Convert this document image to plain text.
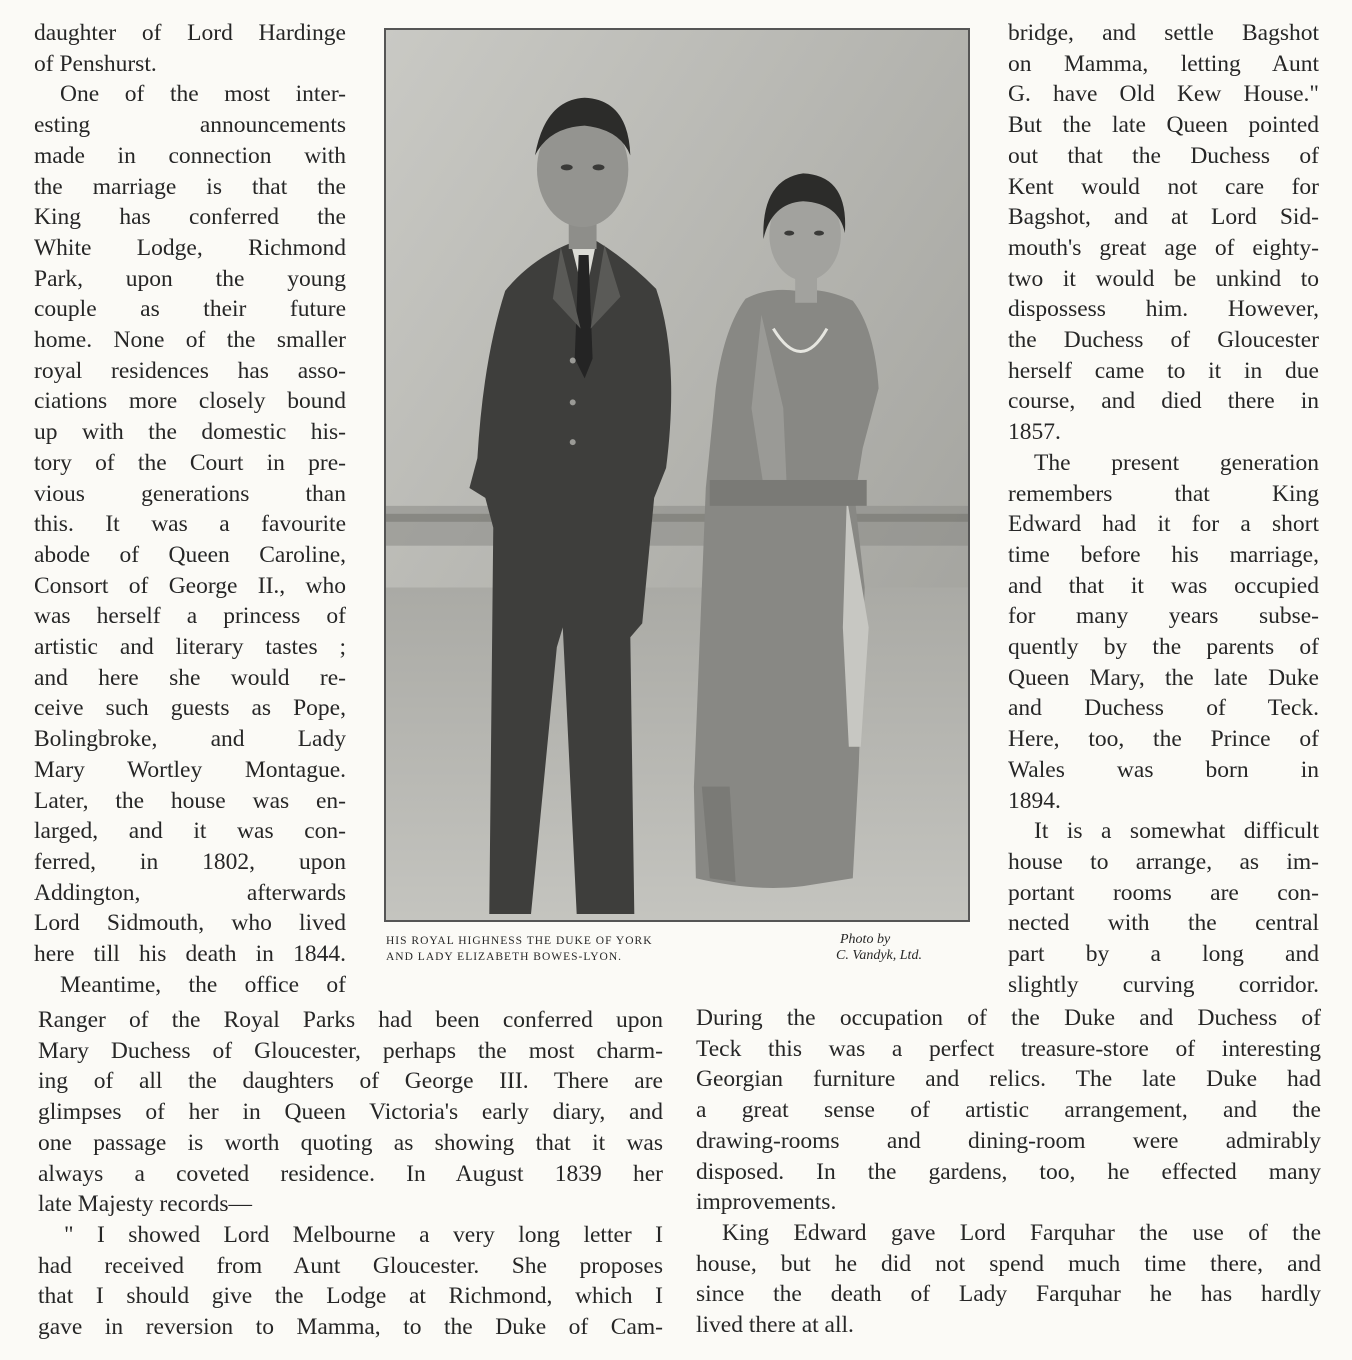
daughter of Lord Hardinge
of Penshurst.
One of the most inter-
esting announcements
made in connection with
the marriage is that the
King has conferred the
White Lodge, Richmond
Park, upon the young
couple as their future
home. None of the smaller
royal residences has asso-
ciations more closely bound
up with the domestic his-
tory of the Court in pre-
vious generations than
this. It was a favourite
abode of Queen Caroline,
Consort of George II., who
was herself a princess of
artistic and literary tastes ;
and here she would re-
ceive such guests as Pope,
Bolingbroke, and Lady
Mary Wortley Montague.
Later, the house was en-
larged, and it was con-
ferred, in 1802, upon
Addington, afterwards
Lord Sidmouth, who lived
here till his death in 1844.
Meantime, the office of
HIS ROYAL HIGHNESS THE DUKE OF YORK
AND LADY ELIZABETH BOWES-LYON.
Photo by
C. Vandyk, Ltd.
bridge, and settle Bagshot
on Mamma, letting Aunt
G. have Old Kew House."
But the late Queen pointed
out that the Duchess of
Kent would not care for
Bagshot, and at Lord Sid-
mouth's great age of eighty-
two it would be unkind to
dispossess him. However,
the Duchess of Gloucester
herself came to it in due
course, and died there in
1857.
The present generation
remembers that King
Edward had it for a short
time before his marriage,
and that it was occupied
for many years subse-
quently by the parents of
Queen Mary, the late Duke
and Duchess of Teck.
Here, too, the Prince of
Wales was born in
1894.
It is a somewhat difficult
house to arrange, as im-
portant rooms are con-
nected with the central
part by a long and
slightly curving corridor.
Ranger of the Royal Parks had been conferred upon
Mary Duchess of Gloucester, perhaps the most charm-
ing of all the daughters of George III. There are
glimpses of her in Queen Victoria's early diary, and
one passage is worth quoting as showing that it was
always a coveted residence. In August 1839 her
late Majesty records—
" I showed Lord Melbourne a very long letter I
had received from Aunt Gloucester. She proposes
that I should give the Lodge at Richmond, which I
gave in reversion to Mamma, to the Duke of Cam-
During the occupation of the Duke and Duchess of
Teck this was a perfect treasure-store of interesting
Georgian furniture and relics. The late Duke had
a great sense of artistic arrangement, and the
drawing-rooms and dining-room were admirably
disposed. In the gardens, too, he effected many
improvements.
King Edward gave Lord Farquhar the use of the
house, but he did not spend much time there, and
since the death of Lady Farquhar he has hardly
lived there at all.
